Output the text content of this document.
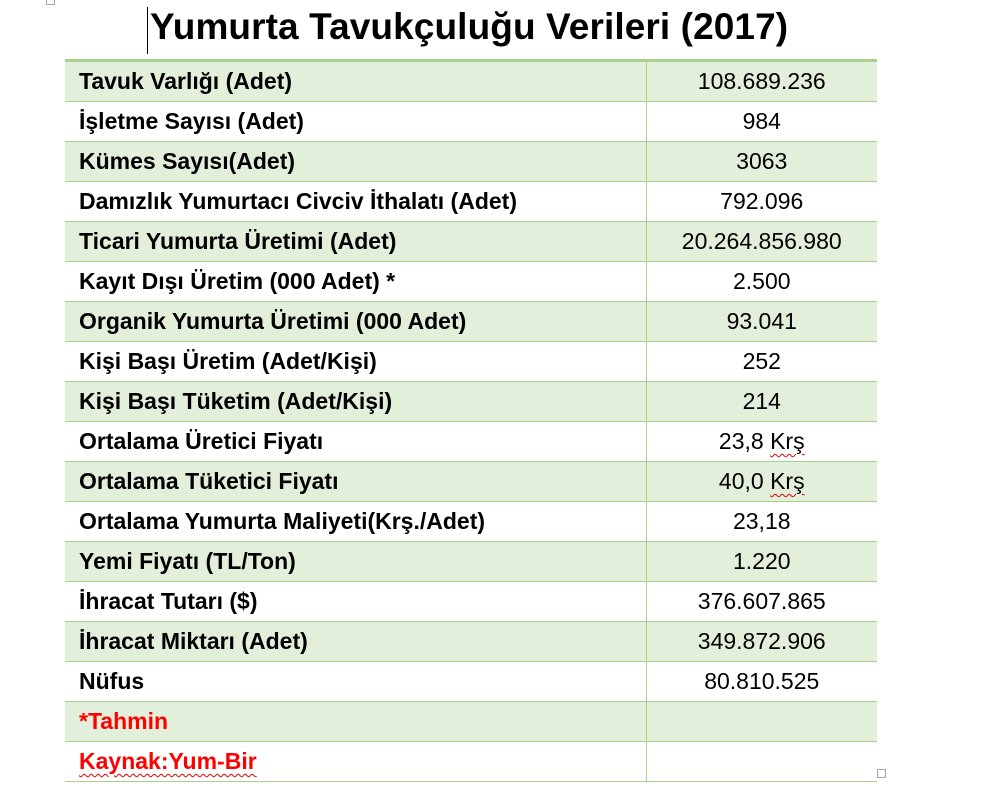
Yumurta Tavukçuluğu Verileri (2017)
Tavuk Varlığı (Adet)	108.689.236
İşletme Sayısı (Adet)	984
Kümes Sayısı(Adet)	3063
Damızlık Yumurtacı Civciv İthalatı (Adet)	792.096
Ticari Yumurta Üretimi (Adet)	20.264.856.980
Kayıt Dışı Üretim (000 Adet) *	2.500
Organik Yumurta Üretimi (000 Adet)	93.041
Kişi Başı Üretim (Adet/Kişi)	252
Kişi Başı Tüketim (Adet/Kişi)	214
Ortalama Üretici Fiyatı	23,8 Krş
Ortalama Tüketici Fiyatı	40,0 Krş
Ortalama Yumurta Maliyeti(Krş./Adet)	23,18
Yemi Fiyatı (TL/Ton)	1.220
İhracat Tutarı ($)	376.607.865
İhracat Miktarı (Adet)	349.872.906
Nüfus	80.810.525
*Tahmin	
Kaynak:Yum-Bir	
